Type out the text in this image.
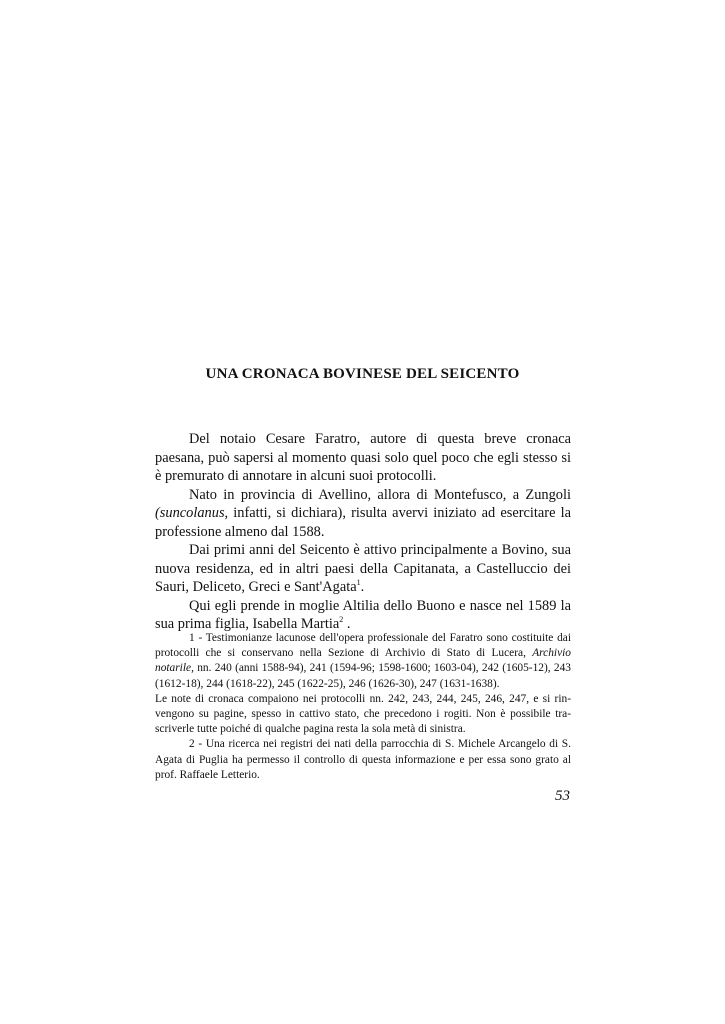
UNA CRONACA BOVINESE DEL SEICENTO

Del notaio Cesare Faratro, autore di questa breve cronaca paesana, può sapersi al momento quasi solo quel poco che egli stesso si è premurato di annotare in alcuni suoi protocolli.

Nato in provincia di Avellino, allora di Montefusco, a Zungoli (suncolanus, infatti, si dichiara), risulta avervi iniziato ad esercitare la professione almeno dal 1588.

Dai primi anni del Seicento è attivo principalmente a Bovino, sua nuova residenza, ed in altri paesi della Capitanata, a Castelluccio dei Sauri, Deliceto, Greci e Sant'Agata$^1$.

Qui egli prende in moglie Altilia dello Buono e nasce nel 1589 la sua prima figlia, Isabella Martia$^2$ .

1 - Testimonianze lacunose dell'opera professionale del Faratro sono costituite dai protocolli che si conservano nella Sezione di Archivio di Stato di Lucera, Archivio notarile, nn. 240 (anni 1588-94), 241 (1594-96; 1598-1600; 1603-04), 242 (1605-12), 243 (1612-18), 244 (1618-22), 245 (1622-25), 246 (1626-30), 247 (1631-1638).

Le note di cronaca compaiono nei protocolli nn. 242, 243, 244, 245, 246, 247, e si rin-vengono su pagine, spesso in cattivo stato, che precedono i rogiti. Non è possibile tra-scriverle tutte poiché di qualche pagina resta la sola metà di sinistra.

2 - Una ricerca nei registri dei nati della parrocchia di S. Michele Arcangelo di S. Agata di Puglia ha permesso il controllo di questa informazione e per essa sono grato al prof. Raffaele Letterio.

53
